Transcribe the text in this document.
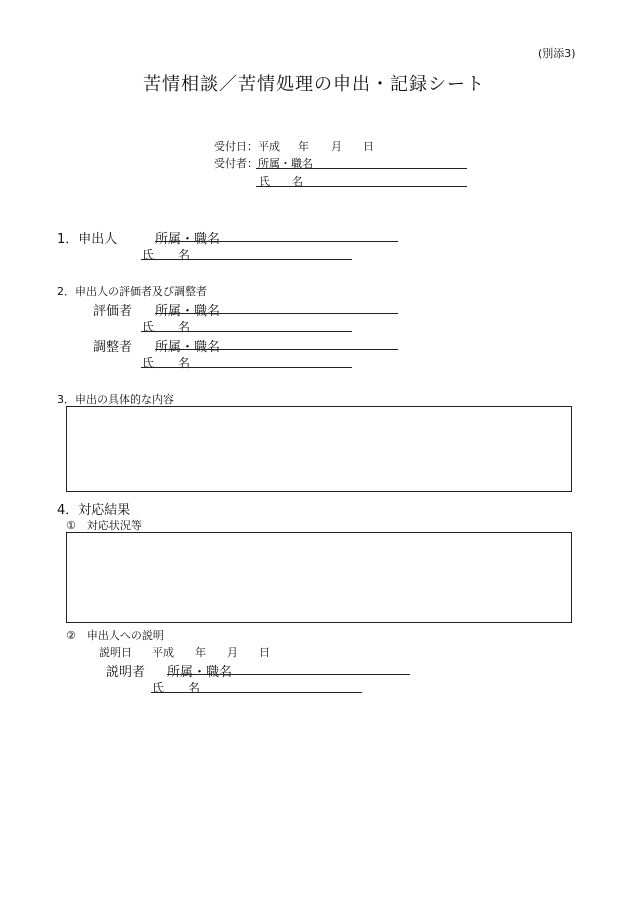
(別添3)
苦情相談／苦情処理の申出・記録シート
受付日：平成 年 月 日
受付者：所属・職名
氏　　名
1．申出人	所属・職名
氏　　名
2．申出人の評価者及び調整者
評価者 所属・職名
氏　　名
調整者 所属・職名
氏　　名
3．申出の具体的な内容
4．対応結果
①　対応状況等
②　申出人への説明
説明日 平成 年 月 日
説明者 所属・職名
氏　　名
